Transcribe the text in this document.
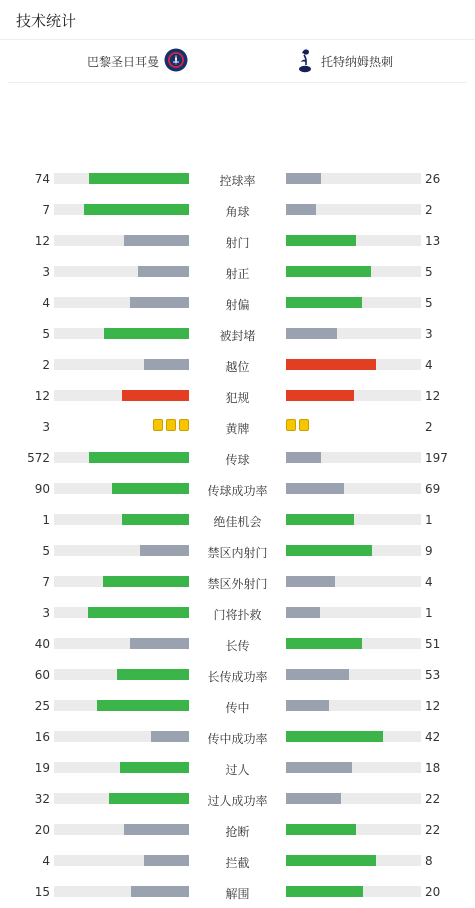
技术统计
巴黎圣日耳曼	托特纳姆热刺
74	控球率	26
7	角球	2
12	射门	13
3	射正	5
4	射偏	5
5	被封堵	3
2	越位	4
12	犯规	12
3	黄牌	2
572	传球	197
90	传球成功率	69
1	绝佳机会	1
5	禁区内射门	9
7	禁区外射门	4
3	门将扑救	1
40	长传	51
60	长传成功率	53
25	传中	12
16	传中成功率	42
19	过人	18
32	过人成功率	22
20	抢断	22
4	拦截	8
15	解围	20
